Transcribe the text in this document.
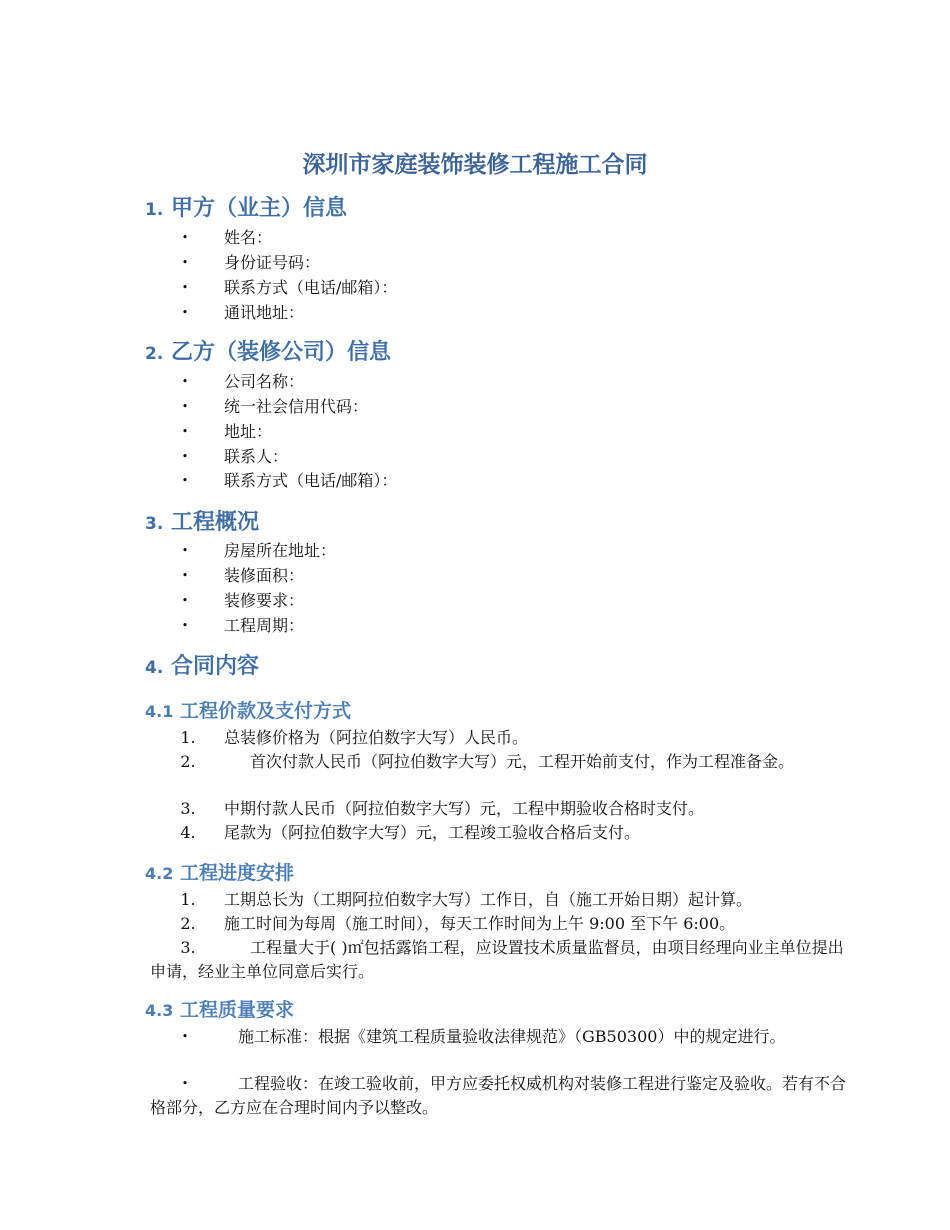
深圳市家庭装饰装修工程施工合同
1. 甲方（业主）信息
• 姓名：
• 身份证号码：
• 联系方式（电话/邮箱）：
• 通讯地址：
2. 乙方（装修公司）信息
• 公司名称：
• 统一社会信用代码：
• 地址：
• 联系人：
• 联系方式（电话/邮箱）：
3. 工程概况
• 房屋所在地址：
• 装修面积：
• 装修要求：
• 工程周期：
4. 合同内容
4.1 工程价款及支付方式
1. 总装修价格为（阿拉伯数字大写）人民币。
2.	首次付款人民币（阿拉伯数字大写）元，工程开始前支付，作为工程准备金。
3. 中期付款人民币（阿拉伯数字大写）元，工程中期验收合格时支付。
4. 尾款为（阿拉伯数字大写）元，工程竣工验收合格后支付。
4.2 工程进度安排
1. 工期总长为（工期阿拉伯数字大写）工作日，自（施工开始日期）起计算。
2. 施工时间为每周（施工时间），每天工作时间为上午 9:00 至下午 6:00。
3.	工程量大于( )㎡包括露馅工程，应设置技术质量监督员，由项目经理向业主单位提出申请，经业主单位同意后实行。
4.3 工程质量要求
•	施工标准：根据《建筑工程质量验收法律规范》（GB50300）中的规定进行。
•	工程验收：在竣工验收前，甲方应委托权威机构对装修工程进行鉴定及验收。若有不合格部分，乙方应在合理时间内予以整改。
